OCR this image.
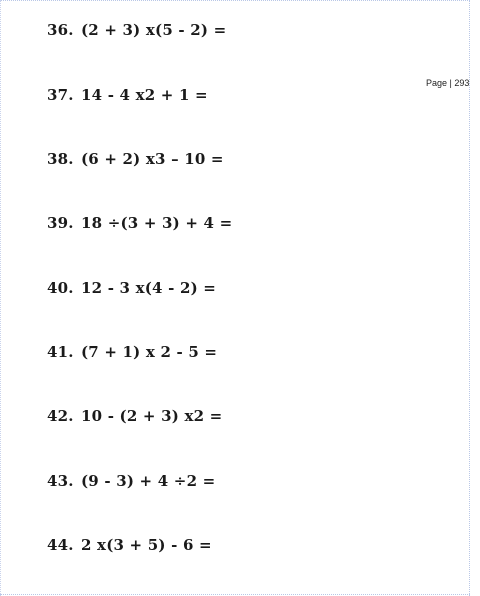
Page | 293
36. (2 + 3) x(5 - 2) =
37. 14 - 4 x2 + 1 =
38. (6 + 2) x3 – 10 =
39. 18 ÷(3 + 3) + 4 =
40. 12 - 3 x(4 - 2) =
41. (7 + 1) x 2 - 5 =
42. 10 - (2 + 3) x2 =
43. (9 - 3) + 4 ÷2 =
44. 2 x(3 + 5) - 6 =
